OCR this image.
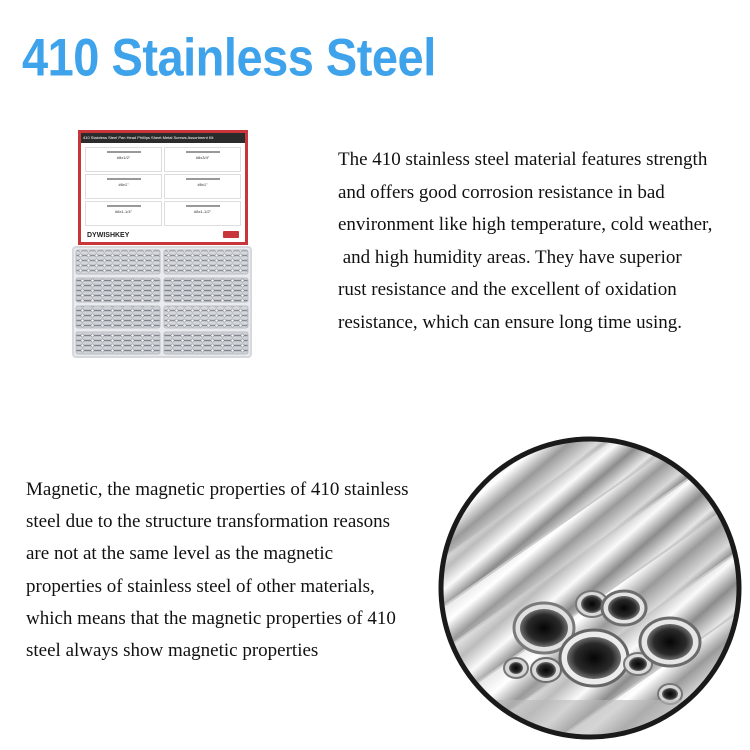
410 Stainless Steel
410 Stainless Steel Pan Head Phillips Sheet Metal Screws Assortment Kit
#8x1/2"	#8x3/4"
#8x1"	#8x1"
#8x1-1/4"	#8x1-1/2"
DYWISHKEY

The 410 stainless steel material features strength

and offers good corrosion resistance in bad

environment like high temperature, cold weather,

and high humidity areas. They have superior

rust resistance and the excellent of oxidation

resistance, which can ensure long time using.

Magnetic, the magnetic properties of 410 stainless

steel due to the structure transformation reasons

are not at the same level as the magnetic

properties of stainless steel of other materials,

which means that the magnetic properties of 410

steel always show magnetic properties
